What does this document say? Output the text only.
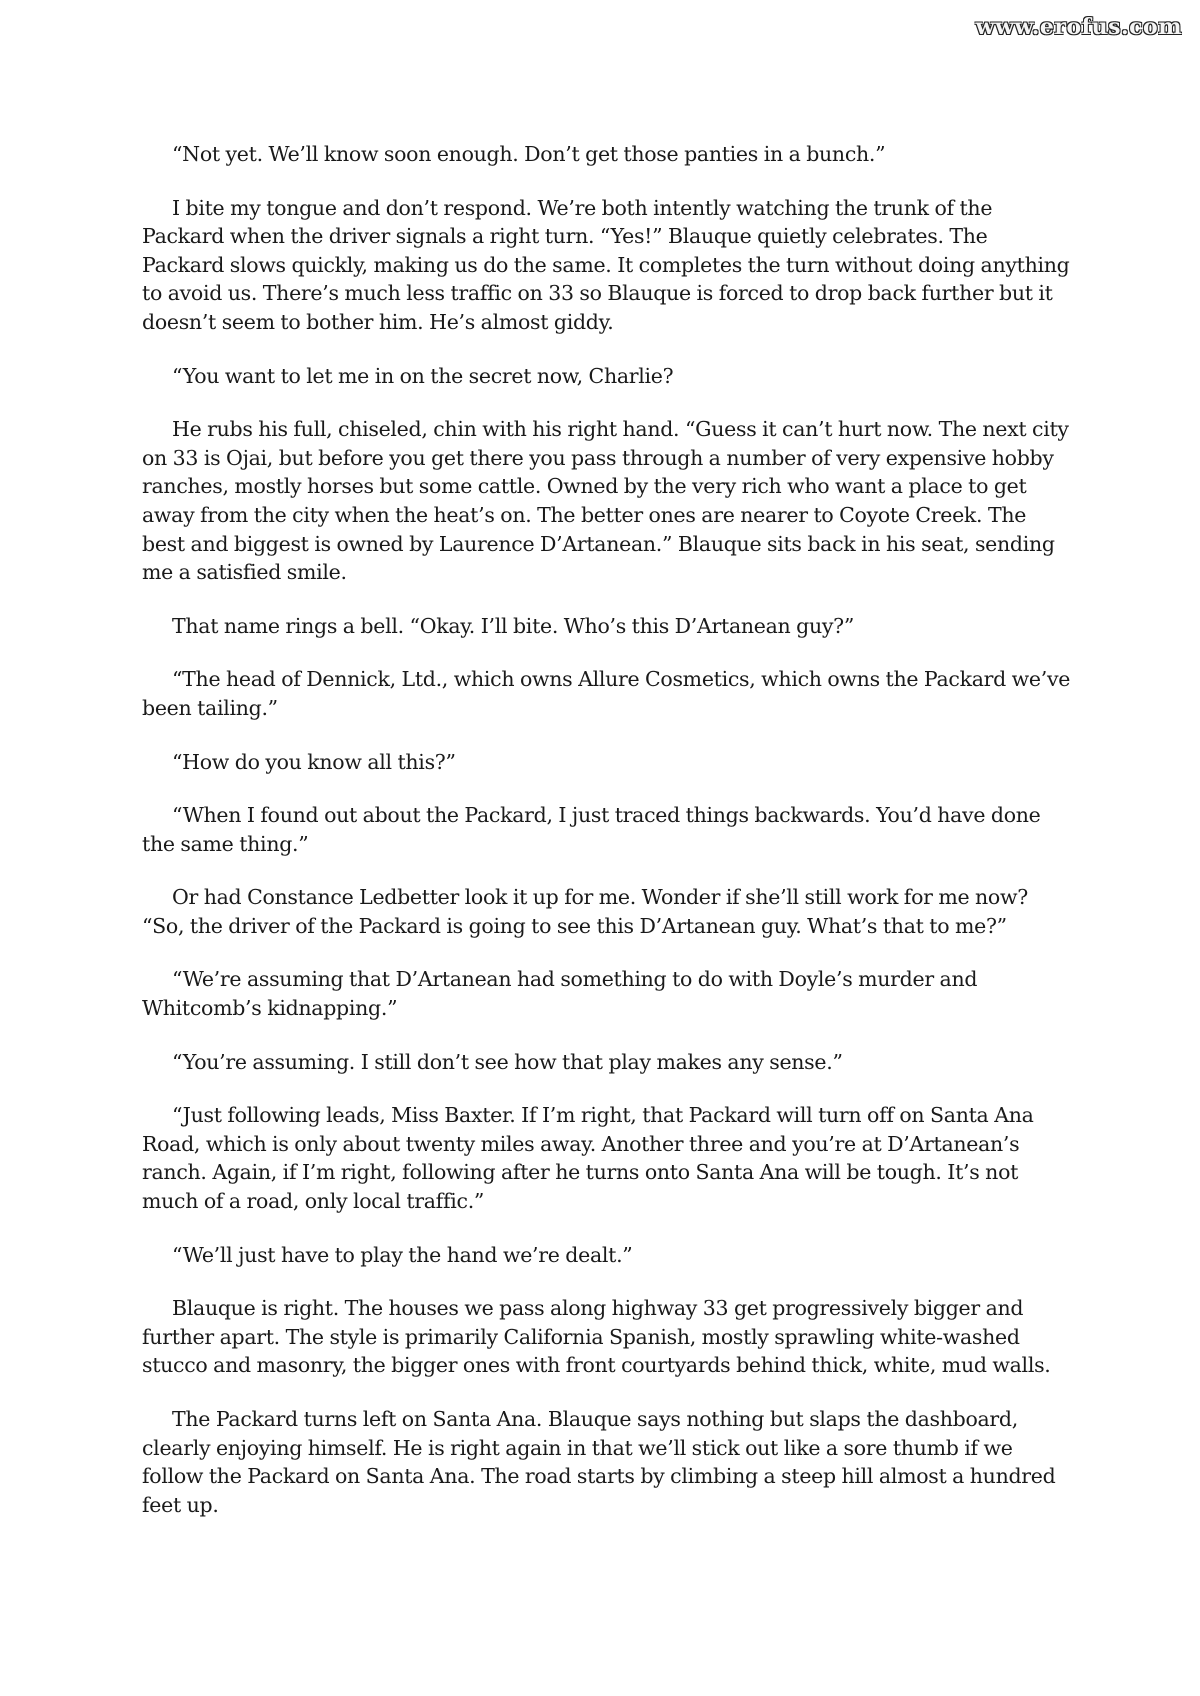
www.erofus.com

“Not yet. We’ll know soon enough. Don’t get those panties in a bunch.”

I bite my tongue and don’t respond. We’re both intently watching the trunk of the Packard when the driver signals a right turn. “Yes!” Blauque quietly celebrates. The Packard slows quickly, making us do the same. It completes the turn without doing anything to avoid us. There’s much less traffic on 33 so Blauque is forced to drop back further but it doesn’t seem to bother him. He’s almost giddy.

“You want to let me in on the secret now, Charlie?

He rubs his full, chiseled, chin with his right hand. “Guess it can’t hurt now. The next city on 33 is Ojai, but before you get there you pass through a number of very expensive hobby ranches, mostly horses but some cattle. Owned by the very rich who want a place to get away from the city when the heat’s on. The better ones are nearer to Coyote Creek. The best and biggest is owned by Laurence D’Artanean.” Blauque sits back in his seat, sending me a satisfied smile.

That name rings a bell. “Okay. I’ll bite. Who’s this D’Artanean guy?”

“The head of Dennick, Ltd., which owns Allure Cosmetics, which owns the Packard we’ve been tailing.”

“How do you know all this?”

“When I found out about the Packard, I just traced things backwards. You’d have done the same thing.”

Or had Constance Ledbetter look it up for me. Wonder if she’ll still work for me now? “So, the driver of the Packard is going to see this D’Artanean guy. What’s that to me?”

“We’re assuming that D’Artanean had something to do with Doyle’s murder and Whitcomb’s kidnapping.”

“You’re assuming. I still don’t see how that play makes any sense.”

“Just following leads, Miss Baxter. If I’m right, that Packard will turn off on Santa Ana Road, which is only about twenty miles away. Another three and you’re at D’Artanean’s ranch. Again, if I’m right, following after he turns onto Santa Ana will be tough. It’s not much of a road, only local traffic.”

“We’ll just have to play the hand we’re dealt.”

Blauque is right. The houses we pass along highway 33 get progressively bigger and further apart. The style is primarily California Spanish, mostly sprawling white-washed stucco and masonry, the bigger ones with front courtyards behind thick, white, mud walls.

The Packard turns left on Santa Ana. Blauque says nothing but slaps the dashboard, clearly enjoying himself. He is right again in that we’ll stick out like a sore thumb if we follow the Packard on Santa Ana. The road starts by climbing a steep hill almost a hundred feet up.
